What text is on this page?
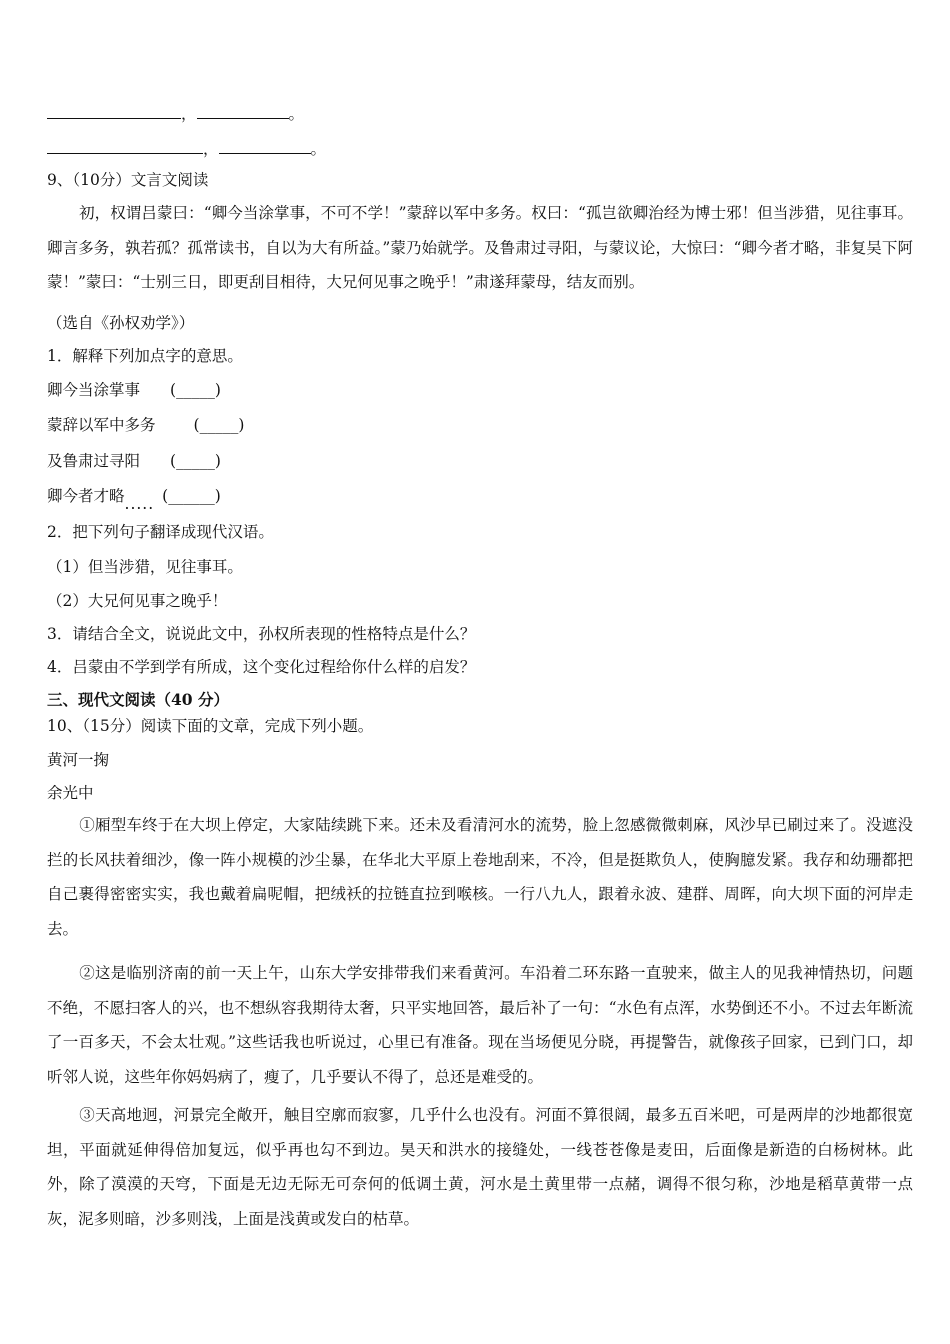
，	。
，	。
9、（10分）文言文阅读
初，权谓吕蒙曰：“卿今当涂掌事，不可不学！”蒙辞以军中多务。权曰：“孤岂欲卿治经为博士邪！但当涉猎，见往事耳。卿言多务，孰若孤？孤常读书，自以为大有所益。”蒙乃始就学。及鲁肃过寻阳，与蒙议论，大惊曰：“卿今者才略，非复吴下阿蒙！”蒙曰：“士别三日，即更刮目相待，大兄何见事之晚乎！”肃遂拜蒙母，结友而别。
（选自《孙权劝学》）
1．解释下列加点字的意思。
卿今当涂掌事 (_____)
蒙辞以军中多务 (_____)
及鲁肃过寻阳 (_____)
卿今者才略..... (______)
2．把下列句子翻译成现代汉语。
（1）但当涉猎，见往事耳。
（2）大兄何见事之晚乎！
3．请结合全文，说说此文中，孙权所表现的性格特点是什么？
4．吕蒙由不学到学有所成，这个变化过程给你什么样的启发？
三、现代文阅读（40 分）
10、（15分）阅读下面的文章，完成下列小题。
黄河一掬
余光中
①厢型车终于在大坝上停定，大家陆续跳下来。还未及看清河水的流势，脸上忽感微微刺麻，风沙早已刷过来了。没遮没拦的长风扶着细沙，像一阵小规模的沙尘暴，在华北大平原上卷地刮来，不冷，但是挺欺负人，使胸臆发紧。我存和幼珊都把自己裹得密密实实，我也戴着扁呢帽，把绒袄的拉链直拉到喉核。一行八九人，跟着永波、建群、周晖，向大坝下面的河岸走去。
②这是临别济南的前一天上午，山东大学安排带我们来看黄河。车沿着二环东路一直驶来，做主人的见我神情热切，问题不绝，不愿扫客人的兴，也不想纵容我期待太奢，只平实地回答，最后补了一句：“水色有点浑，水势倒还不小。不过去年断流了一百多天，不会太壮观。”这些话我也听说过，心里已有准备。现在当场便见分晓，再提警告，就像孩子回家，已到门口，却听邻人说，这些年你妈妈病了，瘦了，几乎要认不得了，总还是难受的。
③天高地迥，河景完全敞开，触目空廓而寂寥，几乎什么也没有。河面不算很阔，最多五百米吧，可是两岸的沙地都很宽坦，平面就延伸得倍加复远，似乎再也勾不到边。昊天和洪水的接缝处，一线苍苍像是麦田，后面像是新造的白杨树林。此外，除了漠漠的天穹，下面是无边无际无可奈何的低调土黄，河水是土黄里带一点赭，调得不很匀称，沙地是稻草黄带一点灰，泥多则暗，沙多则浅，上面是浅黄或发白的枯草。
